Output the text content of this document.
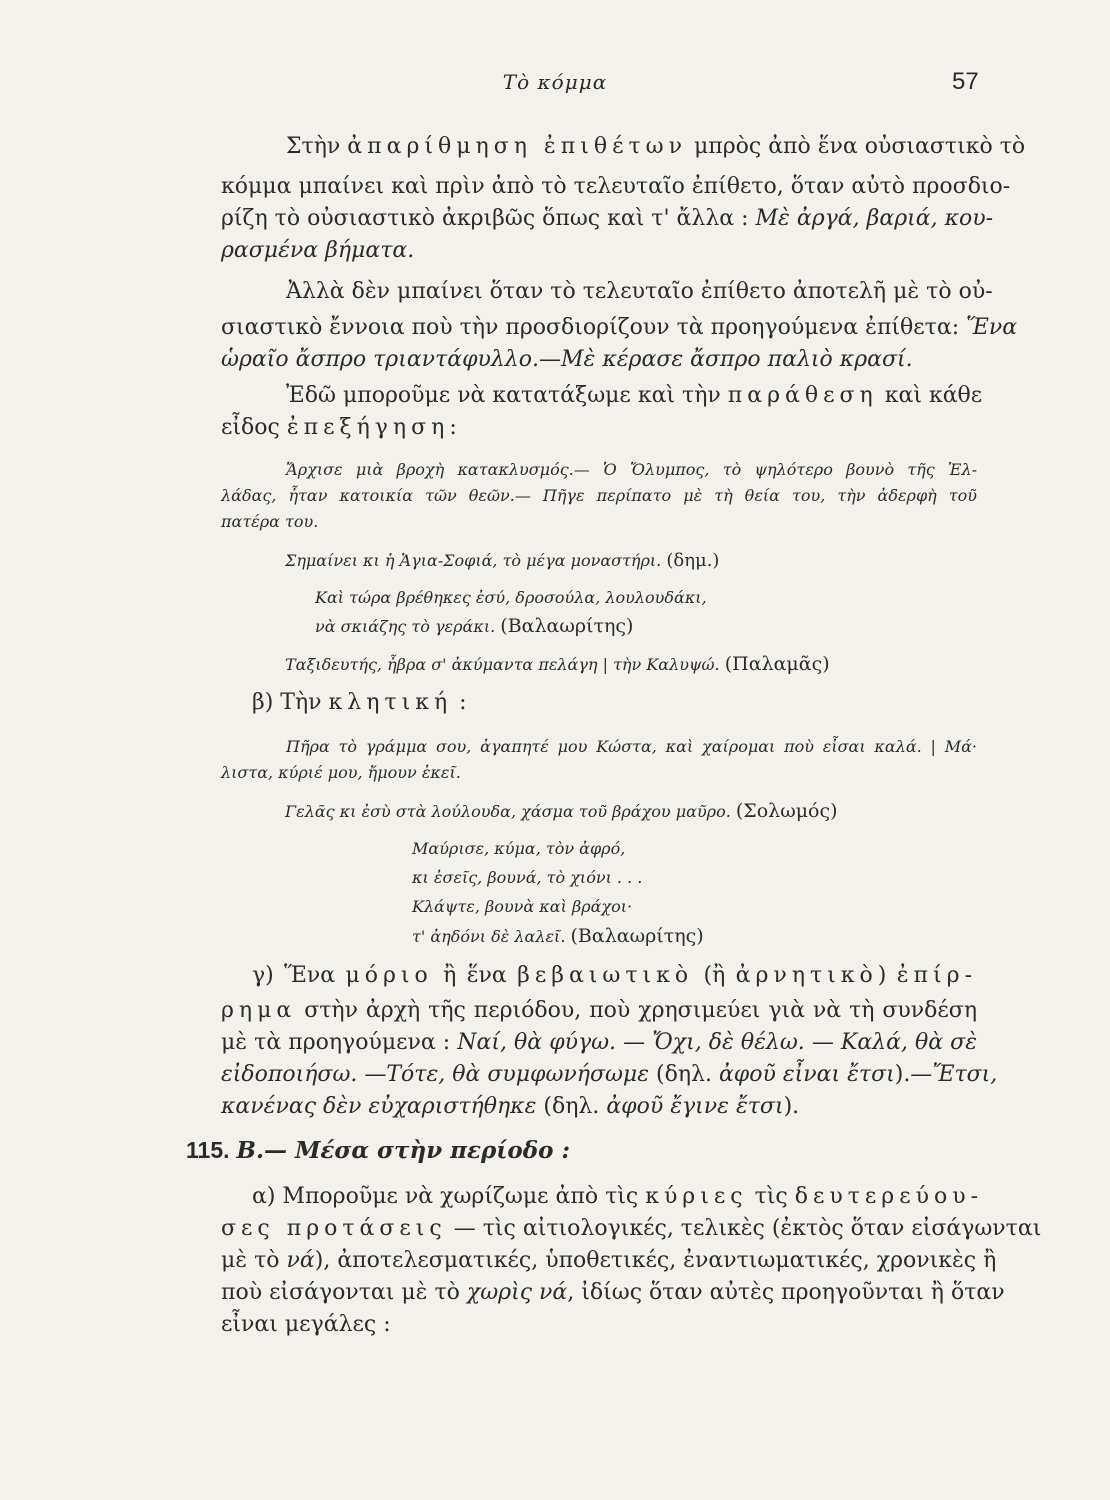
Τὸ κόμμα	57
Στὴν ἀπαρίθμηση ἐπιθέτων μπρὸς ἀπὸ ἕνα οὐσιαστικὸ τὸ
κόμμα μπαίνει καὶ πρὶν ἀπὸ τὸ τελευταῖο ἐπίθετο, ὅταν αὐτὸ προσδιο-
ρίζη τὸ οὐσιαστικὸ ἀκριβῶς ὅπως καὶ τ' ἄλλα : Μὲ ἀργά, βαριά, κου-
ρασμένα βήματα.
Ἀλλὰ δὲν μπαίνει ὅταν τὸ τελευταῖο ἐπίθετο ἀποτελῆ μὲ τὸ οὐ-
σιαστικὸ ἔννοια ποὺ τὴν προσδιορίζουν τὰ προηγούμενα ἐπίθετα: Ἕνα
ὡραῖο ἄσπρο τριαντάφυλλο.—Μὲ κέρασε ἄσπρο παλιὸ κρασί.
Ἐδῶ μποροῦμε νὰ κατατάξωμε καὶ τὴν παράθεση καὶ κάθε
εἶδος ἐπεξήγηση:
Ἄρχισε μιὰ βροχὴ κατακλυσμός.— Ὁ Ὄλυμπος, τὸ ψηλότερο βουνὸ τῆς Ἑλ-
λάδας, ἦταν κατοικία τῶν θεῶν.— Πῆγε περίπατο μὲ τὴ θεία του, τὴν ἀδερφὴ τοῦ
πατέρα του.
Σημαίνει κι ἡ Ἁγια-Σοφιά, τὸ μέγα μοναστήρι. (δημ.)
Καὶ τώρα βρέθηκες ἐσύ, δροσούλα, λουλουδάκι,
νὰ σκιάζης τὸ γεράκι. (Βαλαωρίτης)
Ταξιδευτής, ἦβρα σ' ἀκύμαντα πελάγη | τὴν Καλυψώ. (Παλαμᾶς)
β) Τὴν κλητική :
Πῆρα τὸ γράμμα σου, ἀγαπητέ μου Κώστα, καὶ χαίρομαι ποὺ εἶσαι καλά. | Μά·
λιστα, κύριέ μου, ἤμουν ἐκεῖ.
Γελᾶς κι ἐσὺ στὰ λούλουδα, χάσμα τοῦ βράχου μαῦρο. (Σολωμός)
Μαύρισε, κύμα, τὸν ἀφρό,
κι ἐσεῖς, βουνά, τὸ χιόνι . . .
Κλάψτε, βουνὰ καὶ βράχοι·
τ' ἀηδόνι δὲ λαλεῖ. (Βαλαωρίτης)
γ) Ἕνα μόριο ἢ ἕνα βεβαιωτικὸ (ἢ ἀρνητικὸ) ἐπίρ-
ρημα στὴν ἀρχὴ τῆς περιόδου, ποὺ χρησιμεύει γιὰ νὰ τὴ συνδέση
μὲ τὰ προηγούμενα : Ναί, θὰ φύγω. — Ὄχι, δὲ θέλω. — Καλά, θὰ σὲ
εἰδοποιήσω. —Τότε, θὰ συμφωνήσωμε (δηλ. ἀφοῦ εἶναι ἔτσι).—Ἔτσι,
κανένας δὲν εὐχαριστήθηκε (δηλ. ἀφοῦ ἔγινε ἔτσι).
115. Β.— Μέσα στὴν περίοδο :
α) Μποροῦμε νὰ χωρίζωμε ἀπὸ τὶς κύριες τὶς δευτερεύου-
σες προτάσεις — τὶς αἰτιολογικές, τελικὲς (ἐκτὸς ὅταν εἰσάγωνται
μὲ τὸ νά), ἀποτελεσματικές, ὑποθετικές, ἐναντιωματικές, χρονικὲς ἢ
ποὺ εἰσάγονται μὲ τὸ χωρὶς νά, ἰδίως ὅταν αὐτὲς προηγοῦνται ἢ ὅταν
εἶναι μεγάλες :
